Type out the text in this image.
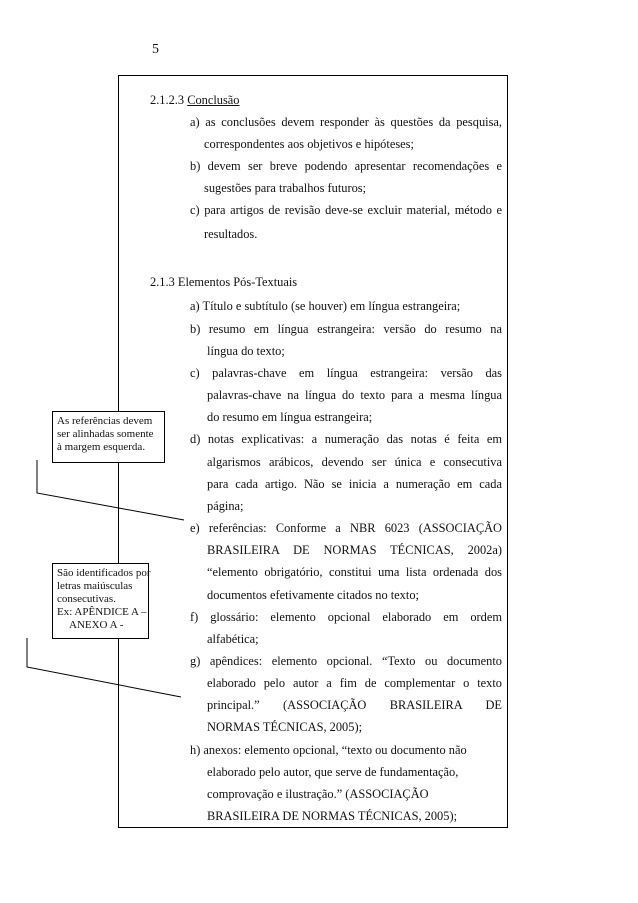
5
2.1.2.3 Conclusão
a) as conclusões devem responder às questões da pesquisa,
correspondentes aos objetivos e hipóteses;
b) devem ser breve podendo apresentar recomendações e
sugestões para trabalhos futuros;
c) para artigos de revisão deve-se excluir material, método e
resultados.
2.1.3 Elementos Pós-Textuais
a) Título e subtítulo (se houver) em língua estrangeira;
b) resumo em língua estrangeira: versão do resumo na
língua do texto;
c) palavras-chave em língua estrangeira: versão das
palavras-chave na língua do texto para a mesma língua
do resumo em língua estrangeira;
d) notas explicativas: a numeração das notas é feita em
algarismos arábicos, devendo ser única e consecutiva
para cada artigo. Não se inicia a numeração em cada
página;
e) referências: Conforme a NBR 6023 (ASSOCIAÇÃO
BRASILEIRA DE NORMAS TÉCNICAS, 2002a)
“elemento obrigatório, constitui uma lista ordenada dos
documentos efetivamente citados no texto;
f) glossário: elemento opcional elaborado em ordem
alfabética;
g) apêndices: elemento opcional. “Texto ou documento
elaborado pelo autor a fim de complementar o texto
principal.” (ASSOCIAÇÃO BRASILEIRA DE
NORMAS TÉCNICAS, 2005);
h) anexos: elemento opcional, “texto ou documento não
elaborado pelo autor, que serve de fundamentação,
comprovação e ilustração.” (ASSOCIAÇÃO
BRASILEIRA DE NORMAS TÉCNICAS, 2005);
As referências devem
ser alinhadas somente
à margem esquerda.
São identificados por
letras maiúsculas
consecutivas.
Ex: APÊNDICE A –
ANEXO A -
